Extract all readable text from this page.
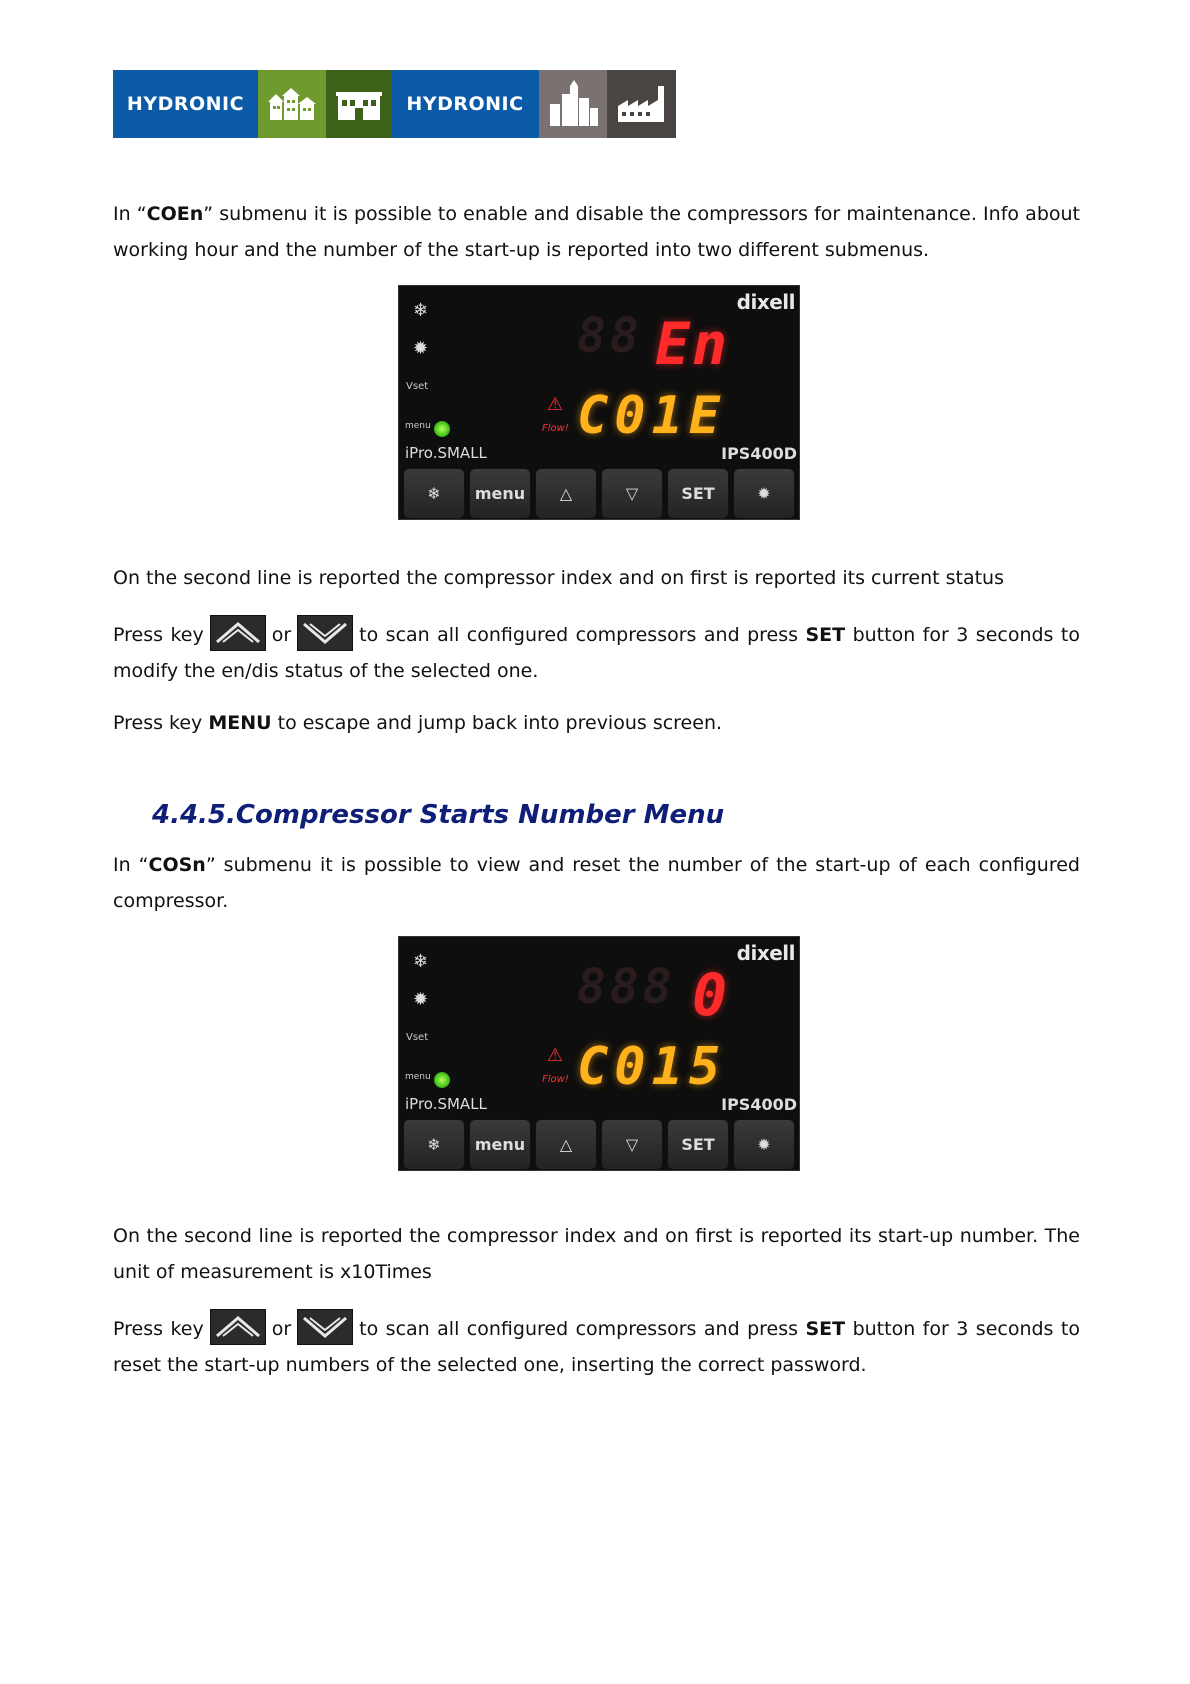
HYDRONIC	HYDRONIC

In “COEn” submenu it is possible to enable and disable the compressors for maintenance. Info about working hour and the number of the start-up is reported into two different submenus.

dixell
❄
✹
Vset
menu
88 En
⚠
Flow! C01E
iPro.SMALL	IPS400D
❄	menu	△	▽	SET	✹

On the second line is reported the compressor index and on first is reported its current status

Press key	or	to scan all configured compressors and press SET button for 3 seconds to modify the en/dis status of the selected one.

Press key MENU to escape and jump back into previous screen.

4.4.5.Compressor Starts Number Menu

In “COSn” submenu it is possible to view and reset the number of the start-up of each configured compressor.

dixell
❄
✹
Vset
menu
888 0
⚠
Flow! C015
iPro.SMALL	IPS400D
❄	menu	△	▽	SET	✹

On the second line is reported the compressor index and on first is reported its start-up number. The unit of measurement is x10Times

Press key	or	to scan all configured compressors and press SET button for 3 seconds to reset the start-up numbers of the selected one, inserting the correct password.
